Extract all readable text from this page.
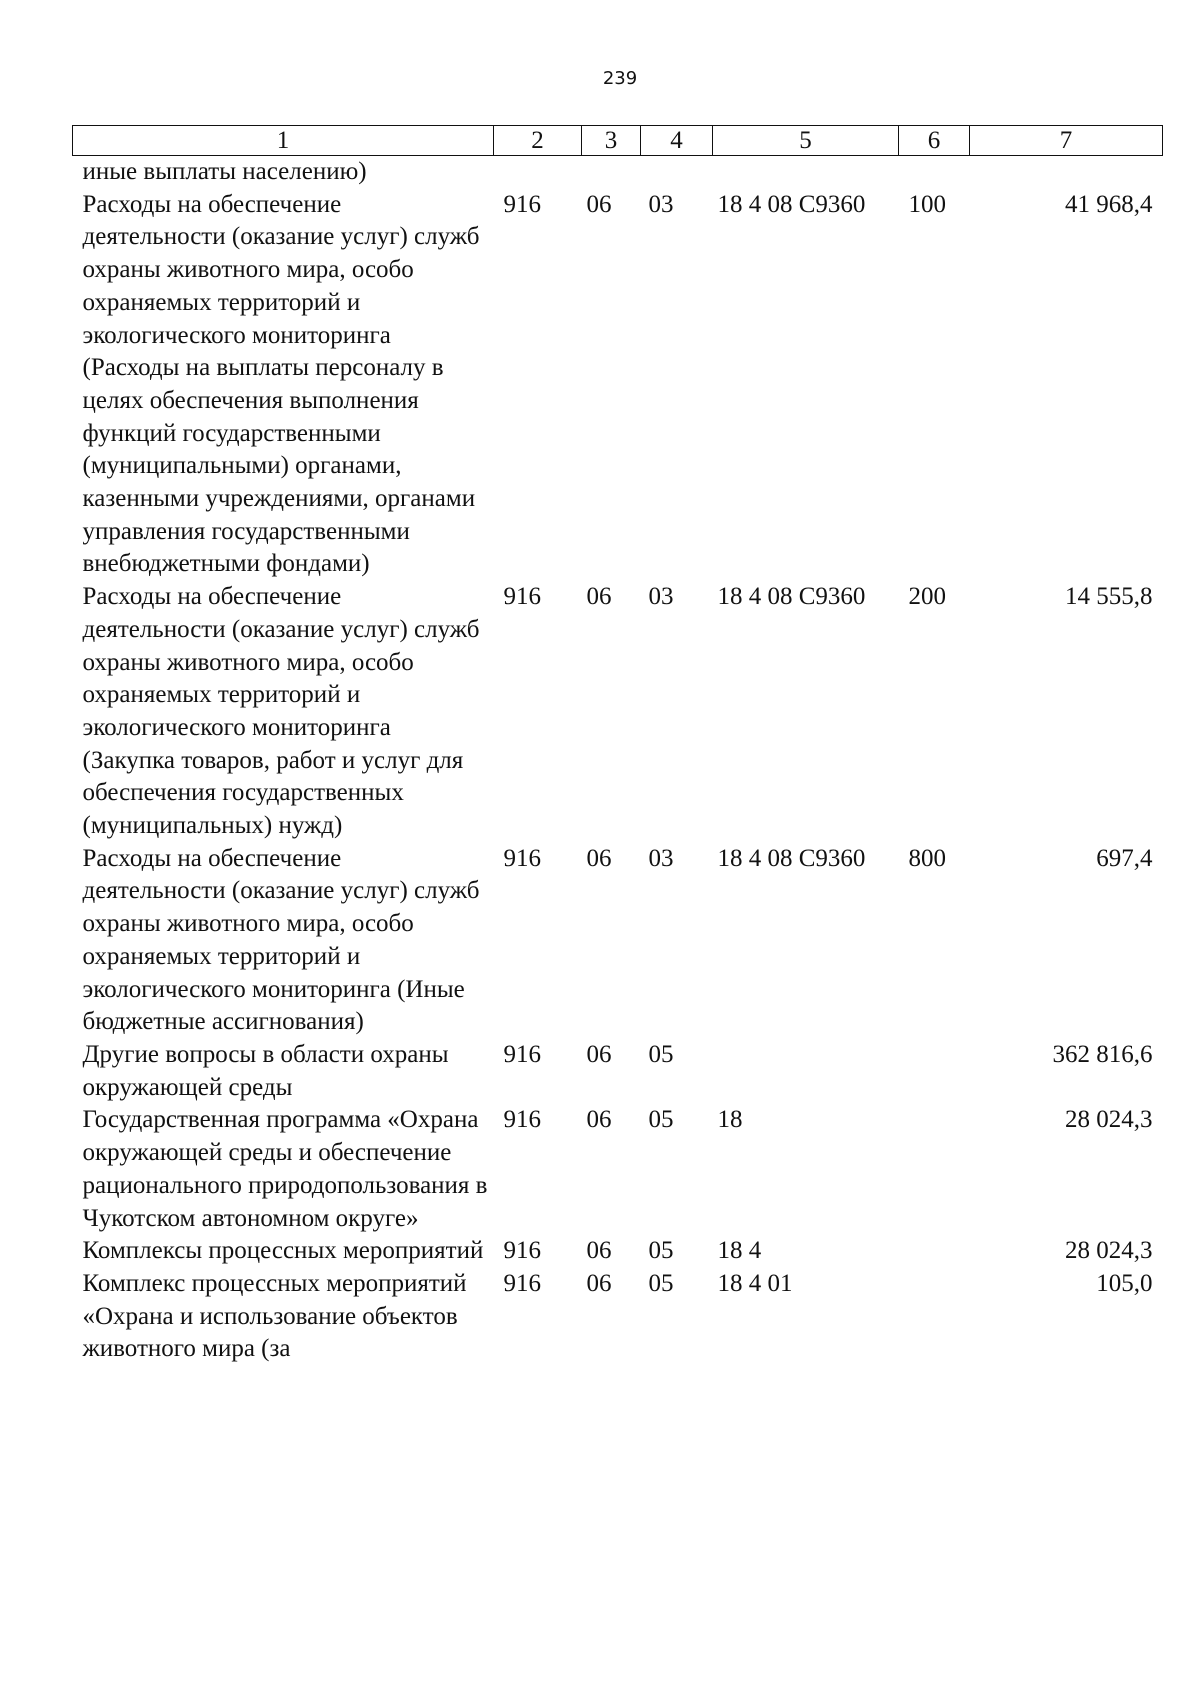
239
1	2	3	4	5	6	7
иные выплаты населению)						
Расходы на обеспечение деятельности (оказание услуг) служб охраны животного мира, особо охраняемых территорий и экологического мониторинга (Расходы на выплаты персоналу в целях обеспечения выполнения функций государственными (муниципальными) органами, казенными учреждениями, органами управления государственными внебюджетными фондами)	916	06	03	18 4 08 С9360	100	41 968,4
Расходы на обеспечение деятельности (оказание услуг) служб охраны животного мира, особо охраняемых территорий и экологического мониторинга (Закупка товаров, работ и услуг для обеспечения государственных (муниципальных) нужд)	916	06	03	18 4 08 С9360	200	14 555,8
Расходы на обеспечение деятельности (оказание услуг) служб охраны животного мира, особо охраняемых территорий и экологического мониторинга (Иные бюджетные ассигнования)	916	06	03	18 4 08 С9360	800	697,4
Другие вопросы в области охраны окружающей среды	916	06	05			362 816,6
Государственная программа «Охрана окружающей среды и обеспечение рационального природопользования в Чукотском автономном округе»	916	06	05	18		28 024,3
Комплексы процессных мероприятий	916	06	05	18 4		28 024,3
Комплекс процессных мероприятий «Охрана и использование объектов животного мира (за	916	06	05	18 4 01		105,0
